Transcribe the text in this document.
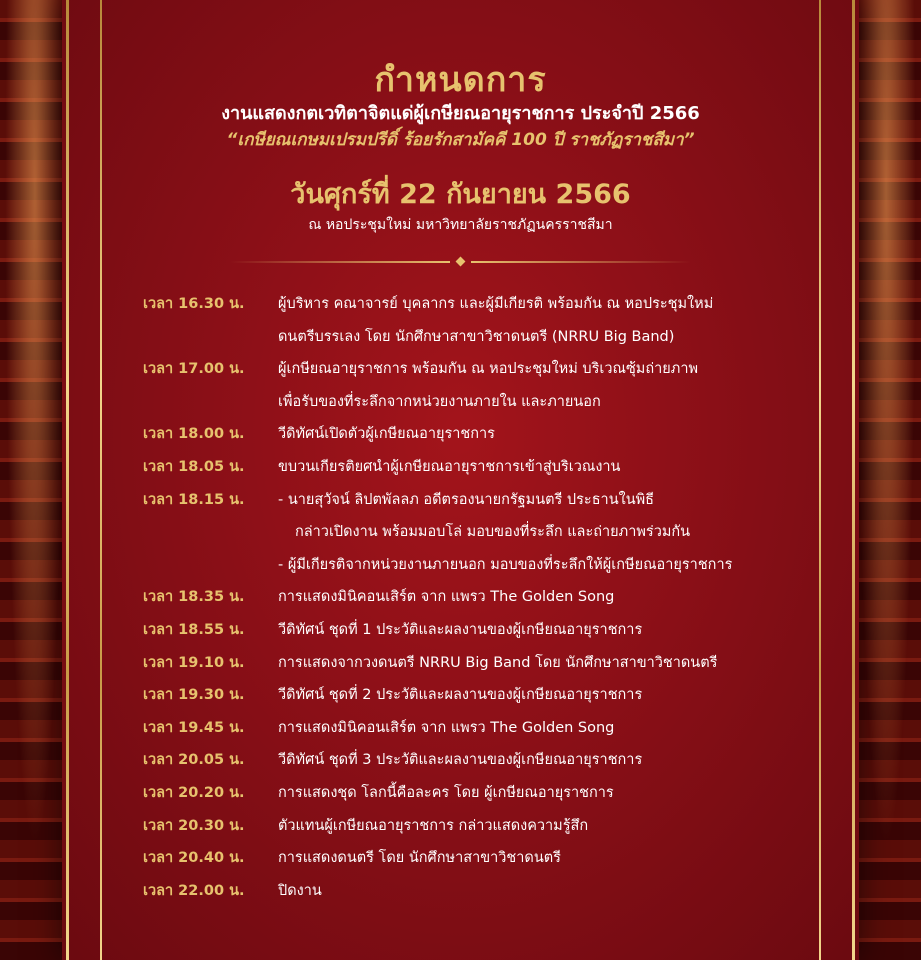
กำหนดการ
งานแสดงกตเวทิตาจิตแด่ผู้เกษียณอายุราชการ ประจำปี 2566
“เกษียณเกษมเปรมปรีดิ์ ร้อยรักสามัคคี 100 ปี ราชภัฏราชสีมา”
วันศุกร์ที่ 22 กันยายน 2566
ณ หอประชุมใหม่ มหาวิทยาลัยราชภัฏนครราชสีมา
เวลา 16.30 น.	ผู้บริหาร คณาจารย์ บุคลากร และผู้มีเกียรติ พร้อมกัน ณ หอประชุมใหม่
ดนตรีบรรเลง โดย นักศึกษาสาขาวิชาดนตรี (NRRU Big Band)
เวลา 17.00 น.	ผู้เกษียณอายุราชการ พร้อมกัน ณ หอประชุมใหม่ บริเวณซุ้มถ่ายภาพ
เพื่อรับของที่ระลึกจากหน่วยงานภายใน และภายนอก
เวลา 18.00 น.	วีดิทัศน์เปิดตัวผู้เกษียณอายุราชการ
เวลา 18.05 น.	ขบวนเกียรติยศนำผู้เกษียณอายุราชการเข้าสู่บริเวณงาน
เวลา 18.15 น.	- นายสุวัจน์ ลิปตพัลลภ อดีตรองนายกรัฐมนตรี ประธานในพิธี
กล่าวเปิดงาน พร้อมมอบโล่ มอบของที่ระลึก และถ่ายภาพร่วมกัน
- ผู้มีเกียรติจากหน่วยงานภายนอก มอบของที่ระลึกให้ผู้เกษียณอายุราชการ
เวลา 18.35 น.	การแสดงมินิคอนเสิร์ต จาก แพรว The Golden Song
เวลา 18.55 น.	วีดิทัศน์ ชุดที่ 1 ประวัติและผลงานของผู้เกษียณอายุราชการ
เวลา 19.10 น.	การแสดงจากวงดนตรี NRRU Big Band โดย นักศึกษาสาขาวิชาดนตรี
เวลา 19.30 น.	วีดิทัศน์ ชุดที่ 2 ประวัติและผลงานของผู้เกษียณอายุราชการ
เวลา 19.45 น.	การแสดงมินิคอนเสิร์ต จาก แพรว The Golden Song
เวลา 20.05 น.	วีดิทัศน์ ชุดที่ 3 ประวัติและผลงานของผู้เกษียณอายุราชการ
เวลา 20.20 น.	การแสดงชุด โลกนี้คือละคร โดย ผู้เกษียณอายุราชการ
เวลา 20.30 น.	ตัวแทนผู้เกษียณอายุราชการ กล่าวแสดงความรู้สึก
เวลา 20.40 น.	การแสดงดนตรี โดย นักศึกษาสาขาวิชาดนตรี
เวลา 22.00 น.	ปิดงาน
